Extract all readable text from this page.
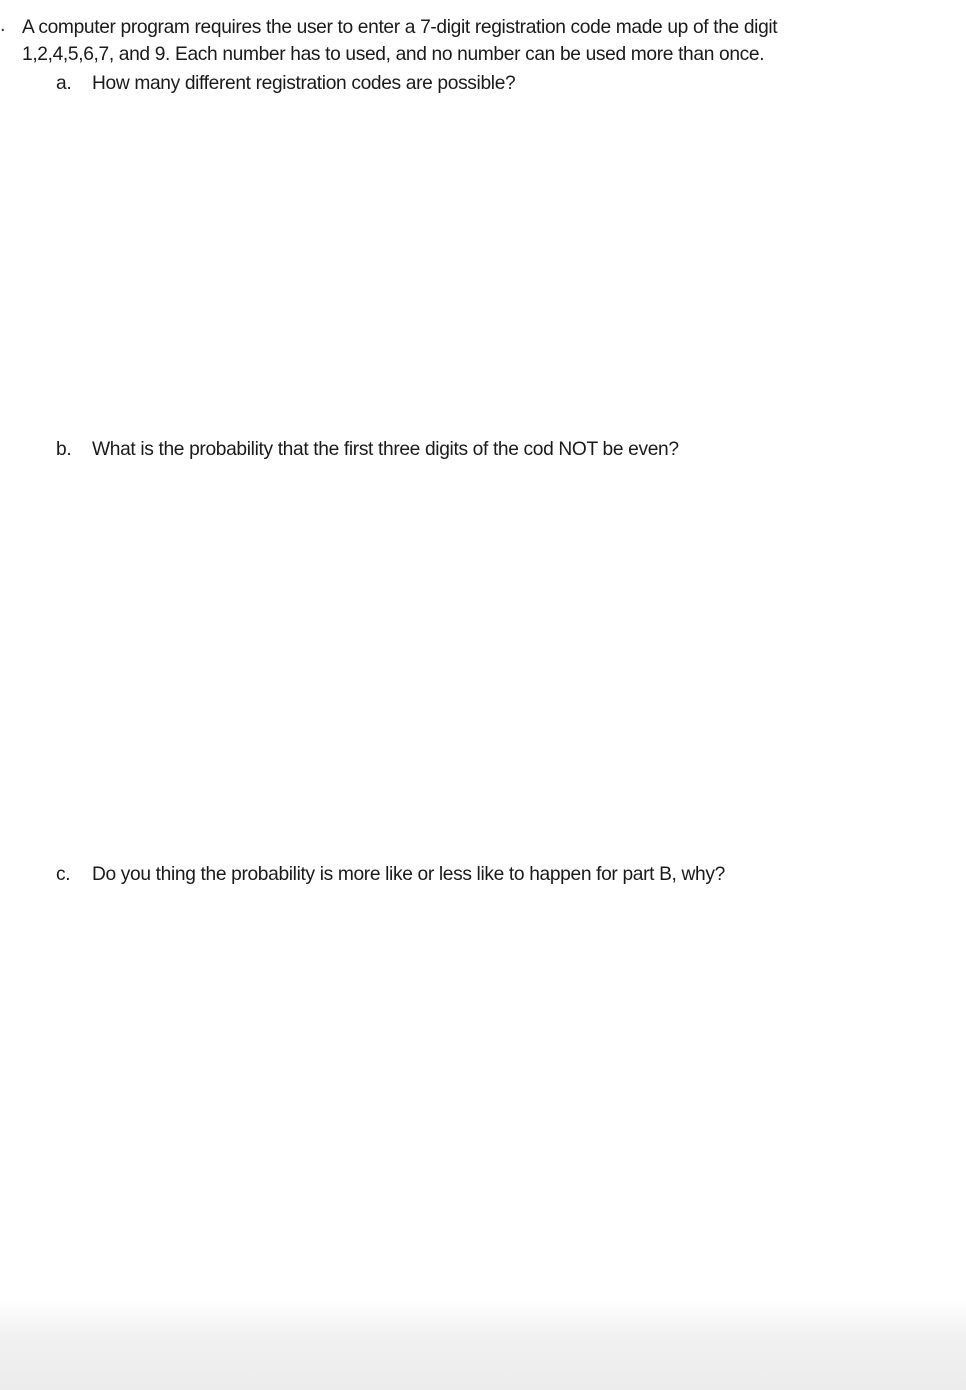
. A computer program requires the user to enter a 7-digit registration code made up of the digit
1,2,4,5,6,7, and 9. Each number has to used, and no number can be used more than once.
a. How many different registration codes are possible?
b. What is the probability that the first three digits of the cod NOT be even?
c. Do you thing the probability is more like or less like to happen for part B, why?
